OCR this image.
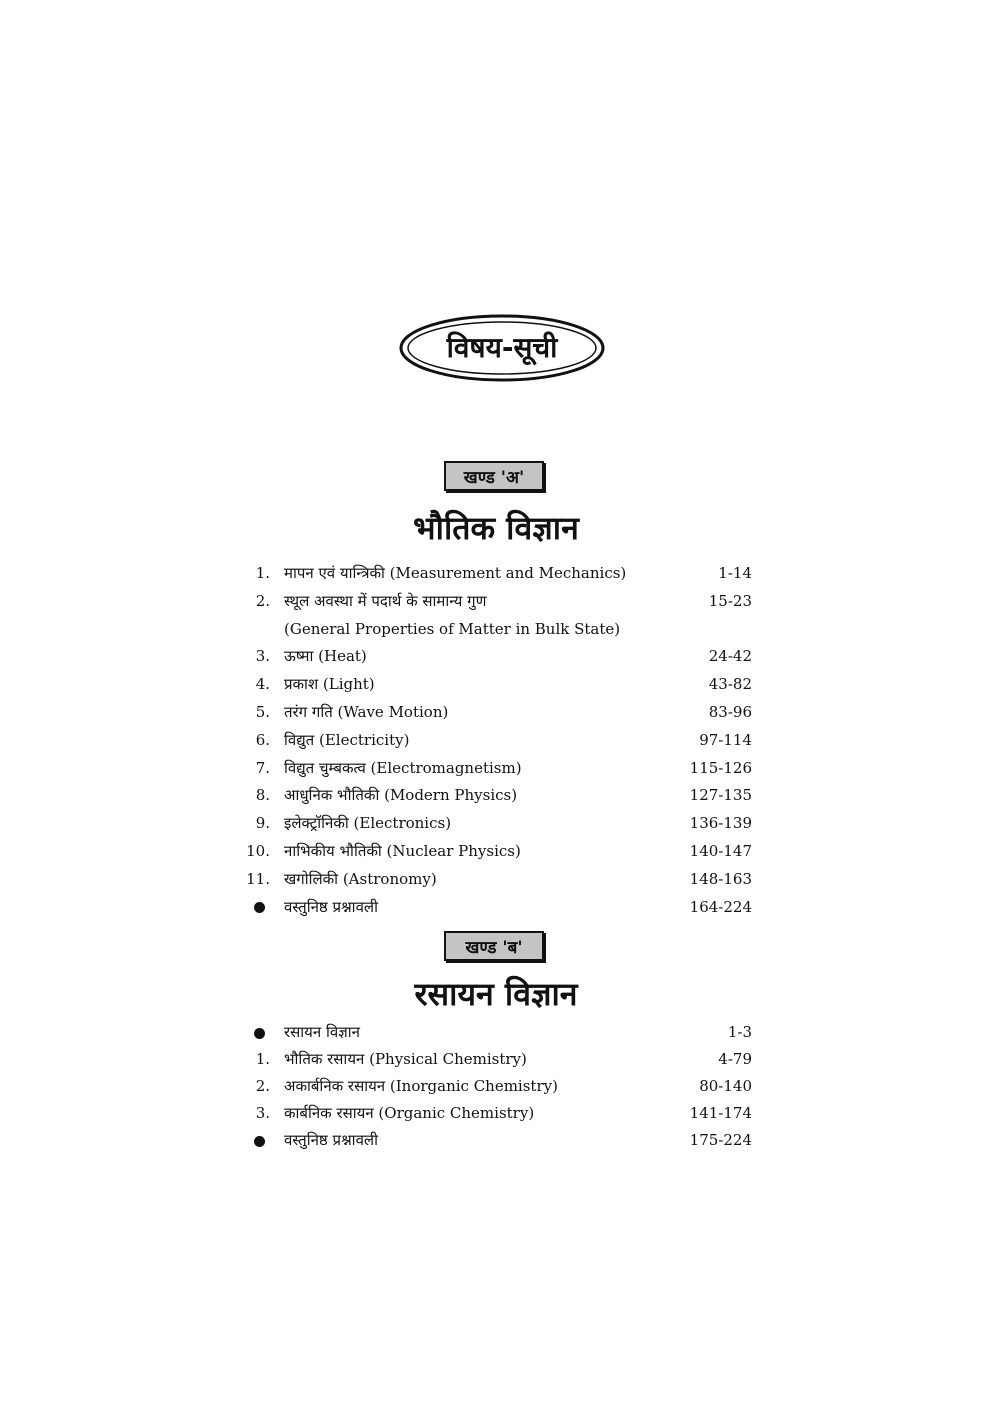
विषय-सूची
खण्ड 'अ'
भौतिक विज्ञान
1. मापन एवं यान्त्रिकी (Measurement and Mechanics)	1-14
2. स्थूल अवस्था में पदार्थ के सामान्य गुण	15-23
(General Properties of Matter in Bulk State)
3. ऊष्मा (Heat)	24-42
4. प्रकाश (Light)	43-82
5. तरंग गति (Wave Motion)	83-96
6. विद्युत (Electricity)	97-114
7. विद्युत चुम्बकत्व (Electromagnetism)	115-126
8. आधुनिक भौतिकी (Modern Physics)	127-135
9. इलेक्ट्रॉनिकी (Electronics)	136-139
10. नाभिकीय भौतिकी (Nuclear Physics)	140-147
11. खगोलिकी (Astronomy)	148-163
वस्तुनिष्ठ प्रश्नावली	164-224
खण्ड 'ब'
रसायन विज्ञान
रसायन विज्ञान	1-3
1. भौतिक रसायन (Physical Chemistry)	4-79
2. अकार्बनिक रसायन (Inorganic Chemistry)	80-140
3. कार्बनिक रसायन (Organic Chemistry)	141-174
वस्तुनिष्ठ प्रश्नावली	175-224
